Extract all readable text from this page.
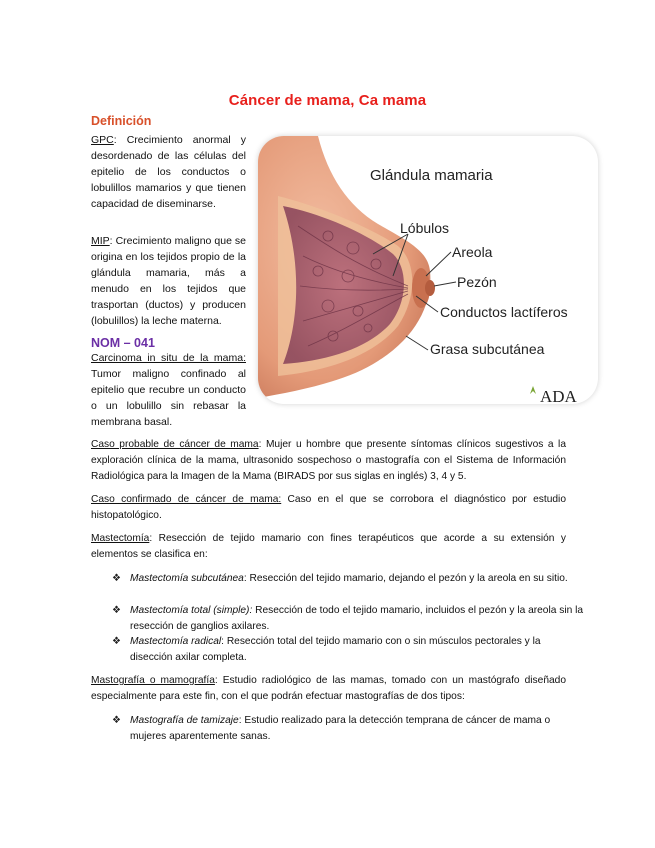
Cáncer de mama, Ca mama
Definición

GPC: Crecimiento anormal y desordenado de las células del epitelio de los conductos o lobulillos mamarios y que tienen capacidad de diseminarse.

MIP: Crecimiento maligno que se origina en los tejidos propio de la glándula mamaria, más a menudo en los tejidos que trasportan (ductos) y producen (lobulillos) la leche materna.

NOM – 041

Carcinoma in situ de la mama: Tumor maligno confinado al epitelio que recubre un conducto o un lobulillo sin rebasar la membrana basal.

Glándula mamaria
Lóbulos
Areola
Pezón
Conductos lactíferos
Grasa subcutánea
ADA

Caso probable de cáncer de mama: Mujer u hombre que presente síntomas clínicos sugestivos a la exploración clínica de la mama, ultrasonido sospechoso o mastografía con el Sistema de Información Radiológica para la Imagen de la Mama (BIRADS por sus siglas en inglés) 3, 4 y 5.

Caso confirmado de cáncer de mama: Caso en el que se corrobora el diagnóstico por estudio histopatológico.

Mastectomía: Resección de tejido mamario con fines terapéuticos que acorde a su extensión y elementos se clasifica en:

❖ Mastectomía subcutánea: Resección del tejido mamario, dejando el pezón y la areola en su sitio.

❖ Mastectomía total (simple): Resección de todo el tejido mamario, incluidos el pezón y la areola sin la resección de ganglios axilares.

❖ Mastectomía radical: Resección total del tejido mamario con o sin músculos pectorales y la disección axilar completa.

Mastografía o mamografía: Estudio radiológico de las mamas, tomado con un mastógrafo diseñado especialmente para este fin, con el que podrán efectuar mastografías de dos tipos:

❖ Mastografía de tamizaje: Estudio realizado para la detección temprana de cáncer de mama o mujeres aparentemente sanas.
